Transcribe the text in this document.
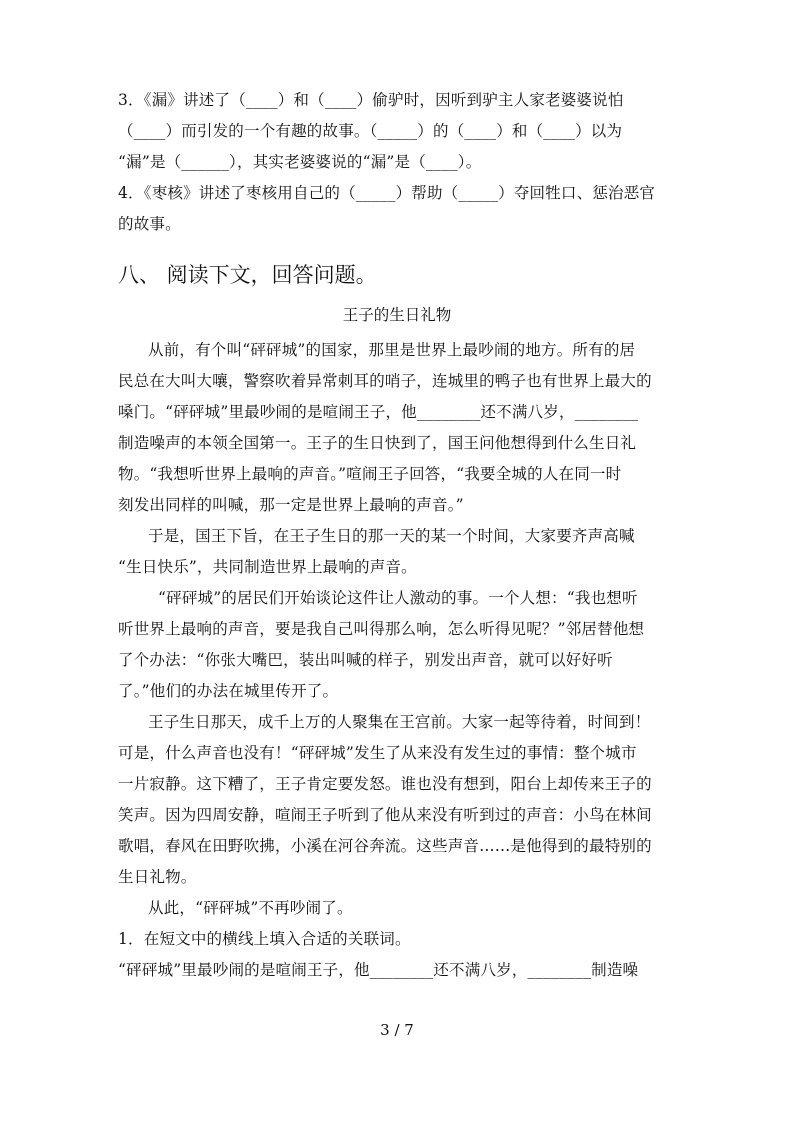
3．《漏》讲述了（____）和（____）偷驴时，因听到驴主人家老婆婆说怕
（____）而引发的一个有趣的故事。（_____）的（____）和（____）以为
“漏”是（______），其实老婆婆说的“漏”是（____）。
4．《枣核》讲述了枣核用自己的（_____）帮助（_____）夺回牲口、惩治恶官
的故事。
八、 阅读下文，回答问题。
王子的生日礼物
从前，有个叫“砰砰城”的国家，那里是世界上最吵闹的地方。所有的居
民总在大叫大嚷，警察吹着异常刺耳的哨子，连城里的鸭子也有世界上最大的
嗓门。“砰砰城”里最吵闹的是喧闹王子，他________还不满八岁，________
制造噪声的本领全国第一。王子的生日快到了，国王问他想得到什么生日礼
物。“我想听世界上最响的声音。”喧闹王子回答，“我要全城的人在同一时
刻发出同样的叫喊，那一定是世界上最响的声音。”
于是，国王下旨，在王子生日的那一天的某一个时间，大家要齐声高喊
“生日快乐”，共同制造世界上最响的声音。
“砰砰城”的居民们开始谈论这件让人激动的事。一个人想：“我也想听
听世界上最响的声音，要是我自己叫得那么响，怎么听得见呢？”邻居替他想
了个办法：“你张大嘴巴，装出叫喊的样子，别发出声音，就可以好好听
了。”他们的办法在城里传开了。
王子生日那天，成千上万的人聚集在王宫前。大家一起等待着，时间到！
可是，什么声音也没有！“砰砰城”发生了从来没有发生过的事情：整个城市
一片寂静。这下糟了，王子肯定要发怒。谁也没有想到，阳台上却传来王子的
笑声。因为四周安静，喧闹王子听到了他从来没有听到过的声音：小鸟在林间
歌唱，春风在田野吹拂，小溪在河谷奔流。这些声音……是他得到的最特别的
生日礼物。
从此，“砰砰城”不再吵闹了。
1．在短文中的横线上填入合适的关联词。
“砰砰城”里最吵闹的是喧闹王子，他________还不满八岁，________制造噪
3 / 7
